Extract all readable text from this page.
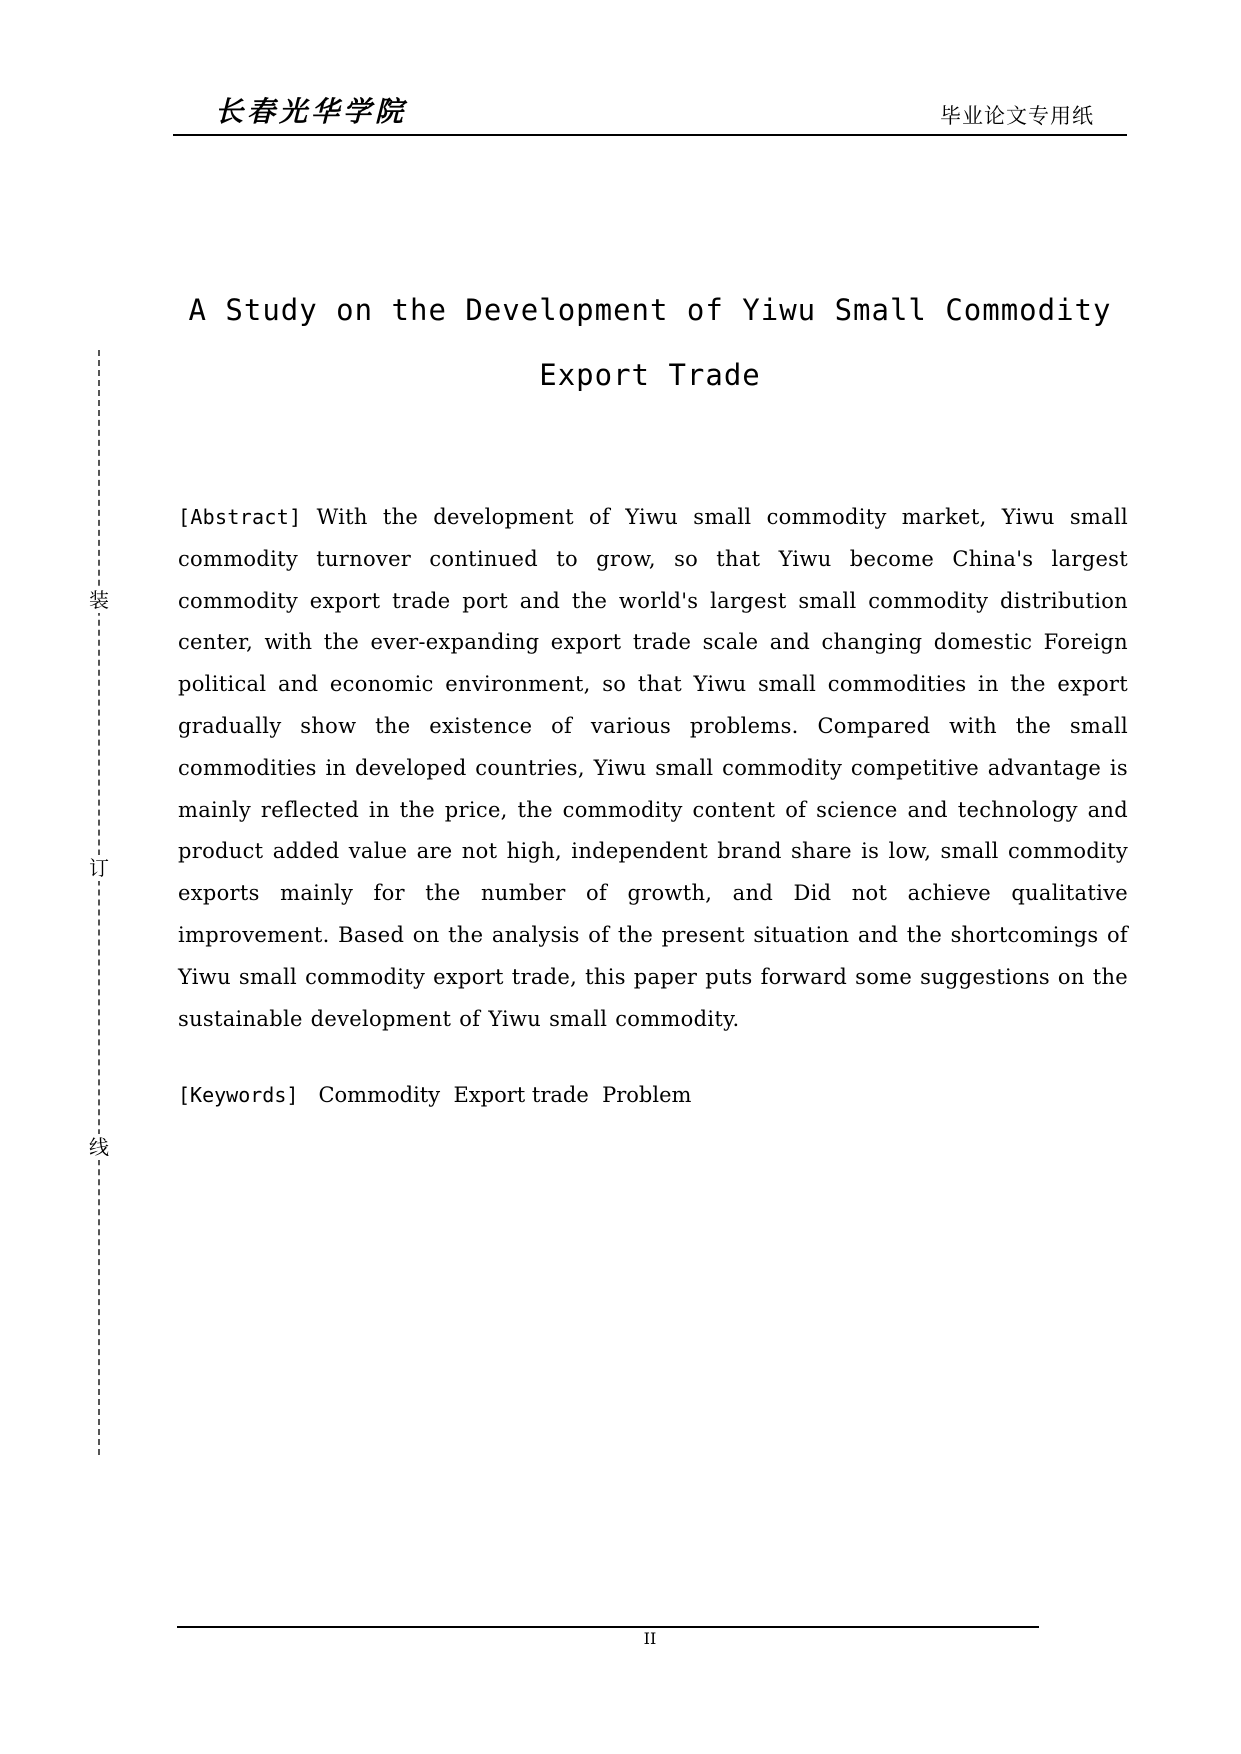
长春光华学院	毕业论文专用纸
装
订
线
A Study on the Development of Yiwu Small Commodity
Export Trade

[Abstract] With the development of Yiwu small commodity market, Yiwu small commodity turnover continued to grow, so that Yiwu become China's largest commodity export trade port and the world's largest small commodity distribution center, with the ever-expanding export trade scale and changing domestic Foreign political and economic environment, so that Yiwu small commodities in the export gradually show the existence of various problems. Compared with the small commodities in developed countries, Yiwu small commodity competitive advantage is mainly reflected in the price, the commodity content of science and technology and product added value are not high, independent brand share is low, small commodity exports mainly for the number of growth, and Did not achieve qualitative improvement. Based on the analysis of the present situation and the shortcomings of Yiwu small commodity export trade, this paper puts forward some suggestions on the sustainable development of Yiwu small commodity.

[Keywords] Commodity Export trade Problem
II
